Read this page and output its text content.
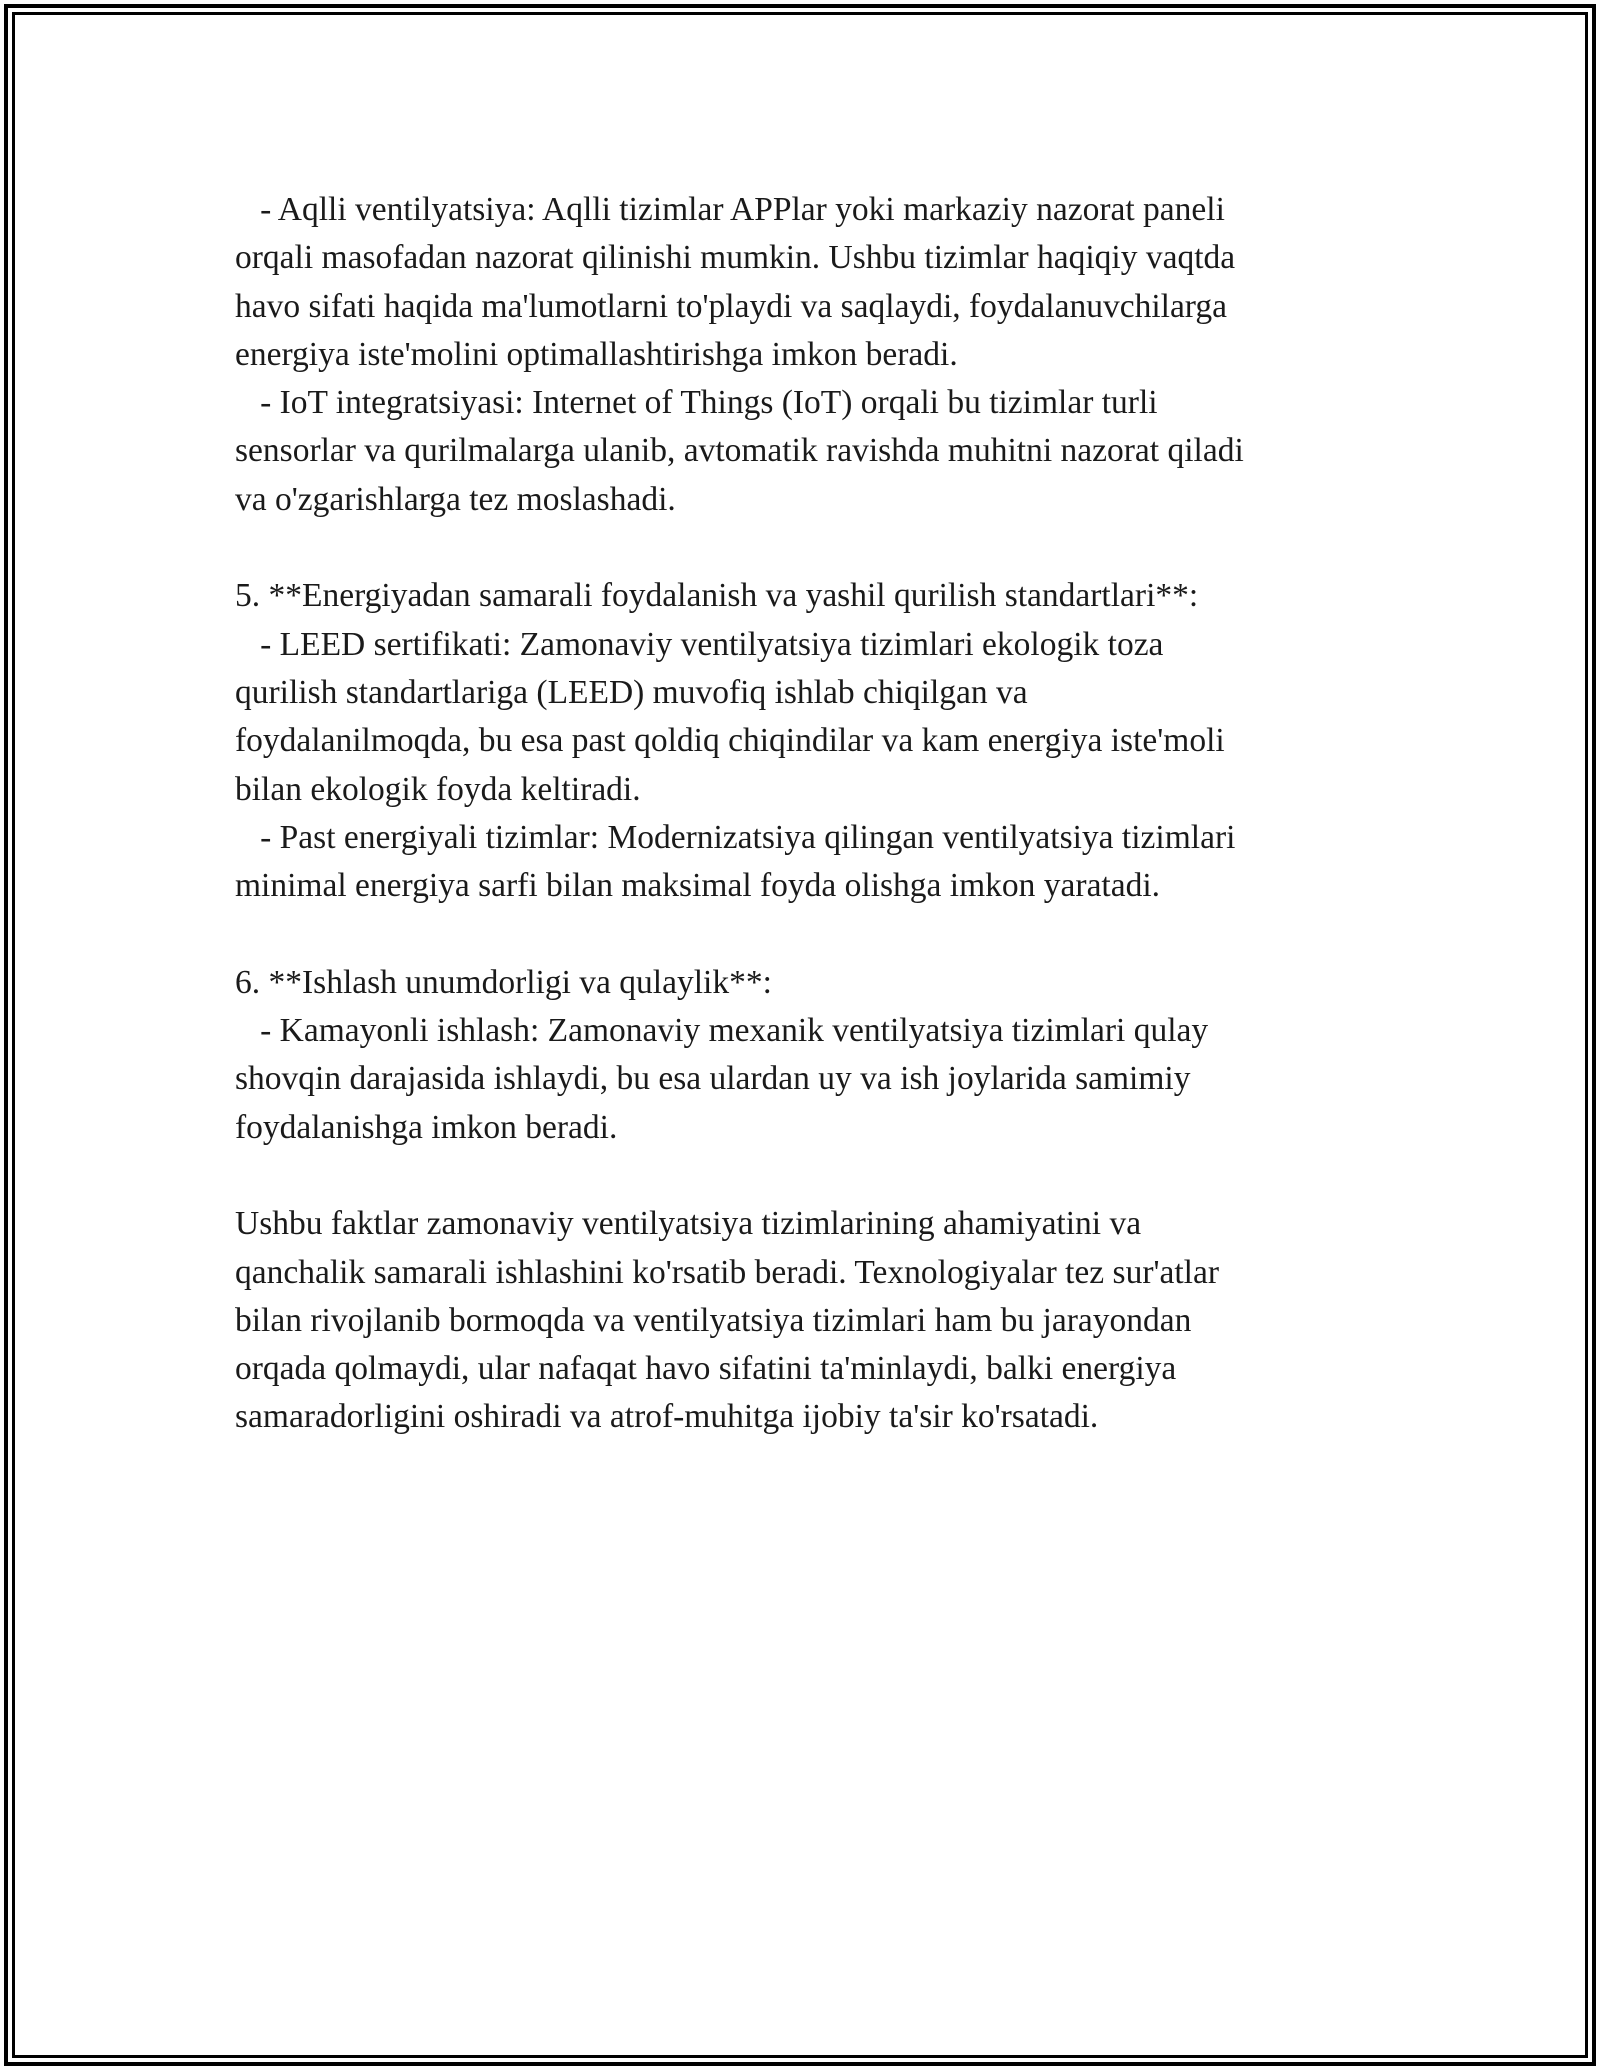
- Aqlli ventilyatsiya: Aqlli tizimlar APPlar yoki markaziy nazorat paneli
orqali masofadan nazorat qilinishi mumkin. Ushbu tizimlar haqiqiy vaqtda
havo sifati haqida ma'lumotlarni to'playdi va saqlaydi, foydalanuvchilarga
energiya iste'molini optimallashtirishga imkon beradi.
- IoT integratsiyasi: Internet of Things (IoT) orqali bu tizimlar turli
sensorlar va qurilmalarga ulanib, avtomatik ravishda muhitni nazorat qiladi
va o'zgarishlarga tez moslashadi.
5. **Energiyadan samarali foydalanish va yashil qurilish standartlari**:
- LEED sertifikati: Zamonaviy ventilyatsiya tizimlari ekologik toza
qurilish standartlariga (LEED) muvofiq ishlab chiqilgan va
foydalanilmoqda, bu esa past qoldiq chiqindilar va kam energiya iste'moli
bilan ekologik foyda keltiradi.
- Past energiyali tizimlar: Modernizatsiya qilingan ventilyatsiya tizimlari
minimal energiya sarfi bilan maksimal foyda olishga imkon yaratadi.
6. **Ishlash unumdorligi va qulaylik**:
- Kamayonli ishlash: Zamonaviy mexanik ventilyatsiya tizimlari qulay
shovqin darajasida ishlaydi, bu esa ulardan uy va ish joylarida samimiy
foydalanishga imkon beradi.
Ushbu faktlar zamonaviy ventilyatsiya tizimlarining ahamiyatini va
qanchalik samarali ishlashini ko'rsatib beradi. Texnologiyalar tez sur'atlar
bilan rivojlanib bormoqda va ventilyatsiya tizimlari ham bu jarayondan
orqada qolmaydi, ular nafaqat havo sifatini ta'minlaydi, balki energiya
samaradorligini oshiradi va atrof-muhitga ijobiy ta'sir ko'rsatadi.
